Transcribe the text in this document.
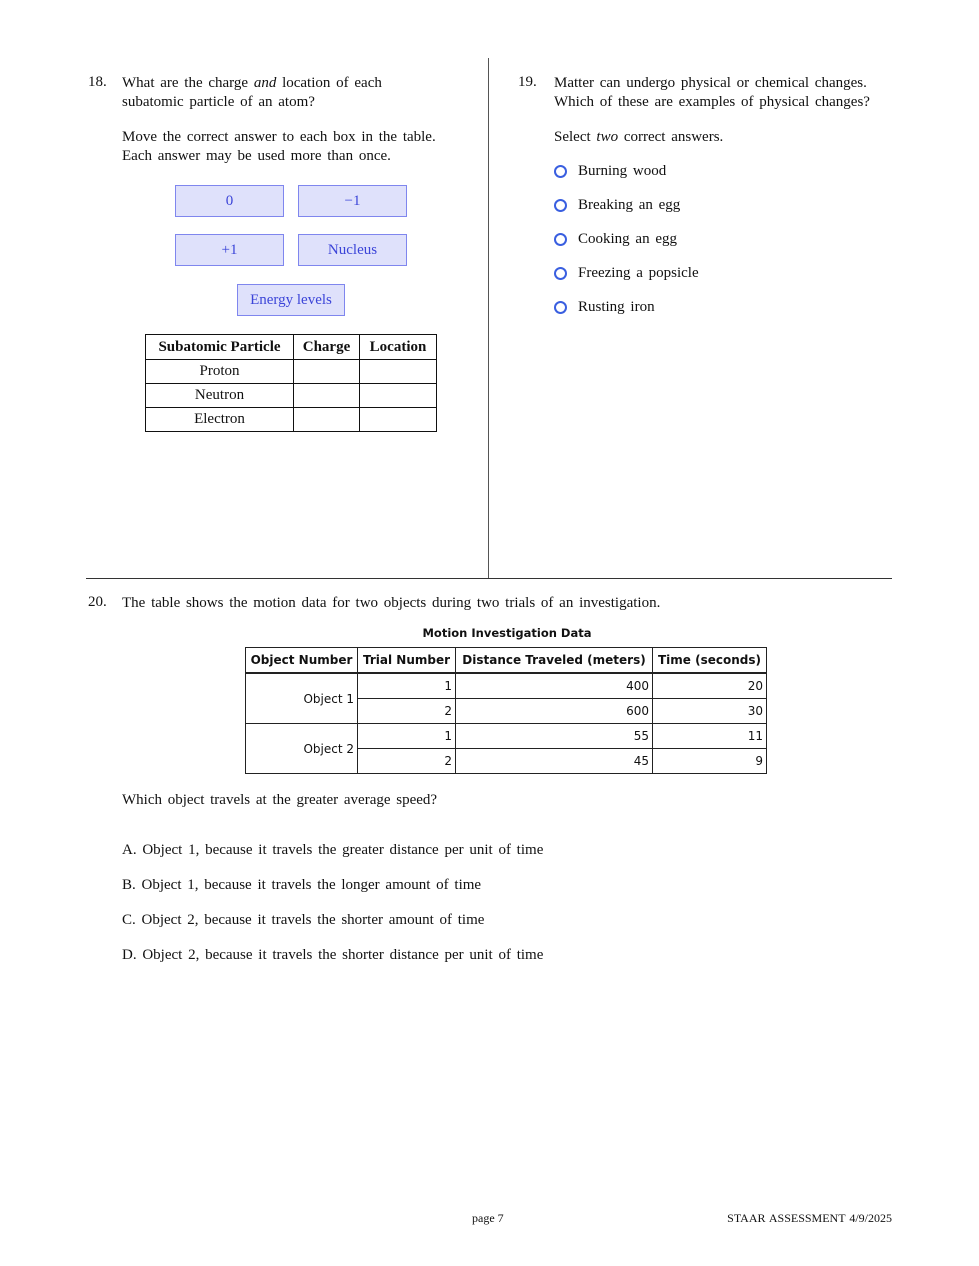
18. What are the charge and location of each
subatomic particle of an atom?
Move the correct answer to each box in the table.
Each answer may be used more than once.
0	−1
+1	Nucleus
Energy levels
Subatomic Particle	Charge	Location
Proton		
Neutron		
Electron		
19. Matter can undergo physical or chemical changes.
Which of these are examples of physical changes?
Select two correct answers.
Burning wood
Breaking an egg
Cooking an egg
Freezing a popsicle
Rusting iron
20. The table shows the motion data for two objects during two trials of an investigation.
Motion Investigation Data
Object Number	Trial Number	Distance Traveled (meters)	Time (seconds)
Object 1	1	400	20
	2	600	30
Object 2	1	55	11
	2	45	9
Which object travels at the greater average speed?
A. Object 1, because it travels the greater distance per unit of time
B. Object 1, because it travels the longer amount of time
C. Object 2, because it travels the shorter amount of time
D. Object 2, because it travels the shorter distance per unit of time
page 7	STAAR ASSESSMENT 4/9/2025
